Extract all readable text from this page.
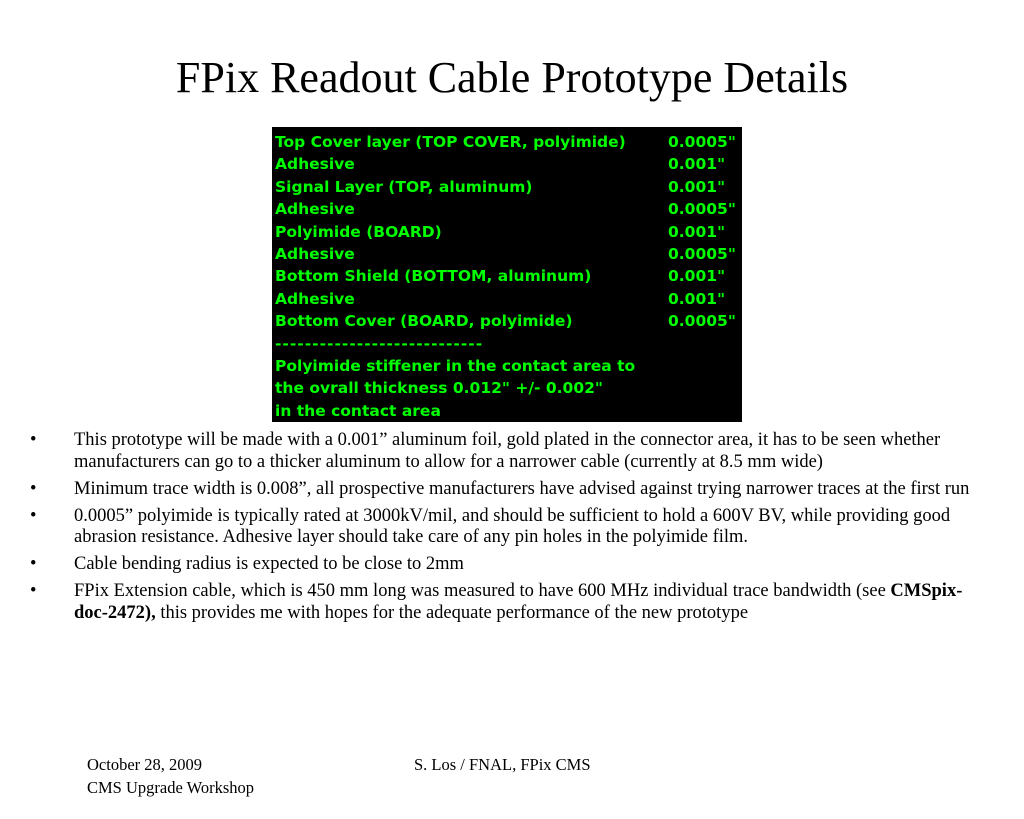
FPix Readout Cable Prototype Details
Top Cover layer (TOP COVER, polyimide)	0.0005"
Adhesive	0.001"
Signal Layer (TOP, aluminum)	0.001"
Adhesive	0.0005"
Polyimide (BOARD)	0.001"
Adhesive	0.0005"
Bottom Shield (BOTTOM, aluminum)	0.001"
Adhesive	0.001"
Bottom Cover (BOARD, polyimide)	0.0005"
----------------------------
Polyimide stiffener in the contact area to
the ovrall thickness 0.012" +/- 0.002"
in the contact area
• This prototype will be made with a 0.001” aluminum foil, gold plated in the connector area, it has to be seen whether manufacturers can go to a thicker aluminum to allow for a narrower cable (currently at 8.5 mm wide)
• Minimum trace width is 0.008”, all prospective manufacturers have advised against trying narrower traces at the first run
• 0.0005” polyimide is typically rated at 3000kV/mil, and should be sufficient to hold a 600V BV, while providing good abrasion resistance. Adhesive layer should take care of any pin holes in the polyimide film.
• Cable bending radius is expected to be close to 2mm
• FPix Extension cable, which is 450 mm long was measured to have 600 MHz individual trace bandwidth (see CMSpix-doc-2472), this provides me with hopes for the adequate performance of the new prototype
October 28, 2009
CMS Upgrade Workshop
S. Los / FNAL, FPix CMS
